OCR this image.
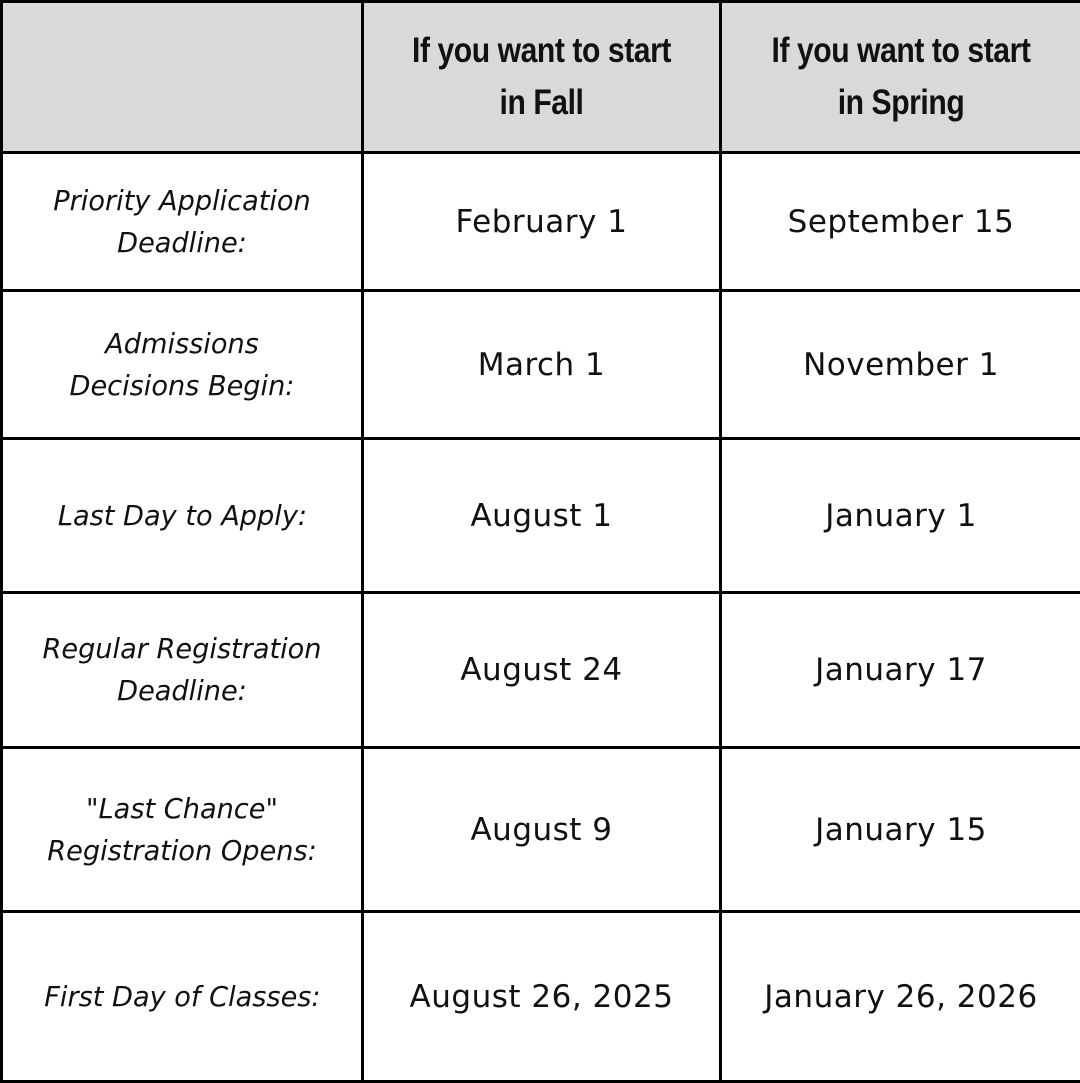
	If you want to start in Fall	If you want to start in Spring
Priority Application Deadline:	February 1	September 15
Admissions Decisions Begin:	March 1	November 1
Last Day to Apply:	August 1	January 1
Regular Registration Deadline:	August 24	January 17
"Last Chance" Registration Opens:	August 9	January 15
First Day of Classes:	August 26, 2025	January 26, 2026
